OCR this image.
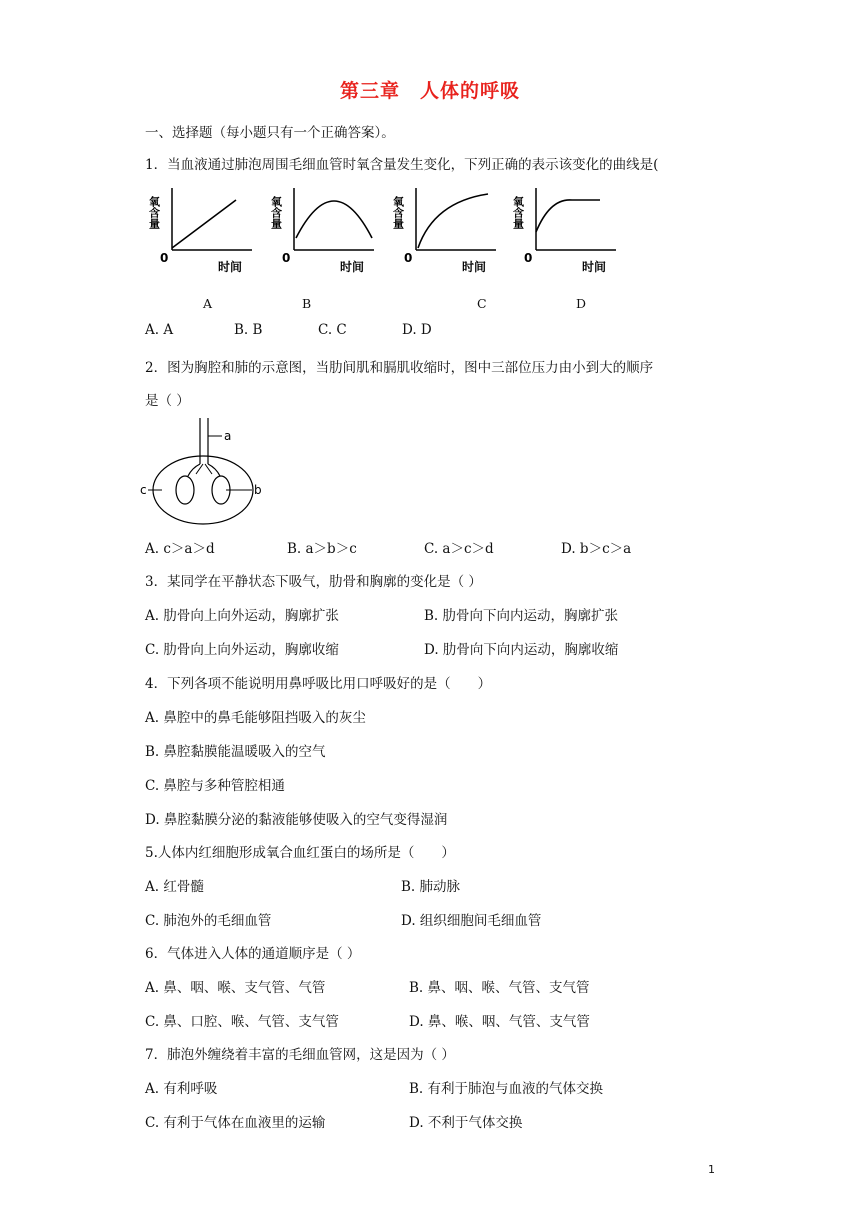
第三章　人体的呼吸
一、选择题（每小题只有一个正确答案）。
1．当血液通过肺泡周围毛细血管时氧含量发生变化，下列正确的表示该变化的曲线是(
氧含量
0
时间
氧含量
0
时间
氧含量
0
时间
氧含量
0
时间
A	B	C	D
A. A	B. B	C. C	D. D
2．图为胸腔和肺的示意图，当肋间肌和膈肌收缩时，图中三部位压力由小到大的顺序
是（ ）
a
b
c
A. c＞a＞d	B. a＞b＞c	C. a＞c＞d	D. b＞c＞a
3．某同学在平静状态下吸气，肋骨和胸廓的变化是（ ）
A. 肋骨向上向外运动，胸廓扩张	B. 肋骨向下向内运动，胸廓扩张
C. 肋骨向上向外运动，胸廓收缩	D. 肋骨向下向内运动，胸廓收缩
4．下列各项不能说明用鼻呼吸比用口呼吸好的是（　　）
A. 鼻腔中的鼻毛能够阻挡吸入的灰尘
B. 鼻腔黏膜能温暖吸入的空气
C. 鼻腔与多种管腔相通
D. 鼻腔黏膜分泌的黏液能够使吸入的空气变得湿润
5.人体内红细胞形成氧合血红蛋白的场所是（　　）
A. 红骨髓	B. 肺动脉
C. 肺泡外的毛细血管	D. 组织细胞间毛细血管
6．气体进入人体的通道顺序是（ ）
A. 鼻、咽、喉、支气管、气管	B. 鼻、咽、喉、气管、支气管
C. 鼻、口腔、喉、气管、支气管	D. 鼻、喉、咽、气管、支气管
7．肺泡外缠绕着丰富的毛细血管网，这是因为（ ）
A. 有利呼吸	B. 有利于肺泡与血液的气体交换
C. 有利于气体在血液里的运输	D. 不利于气体交换
1
